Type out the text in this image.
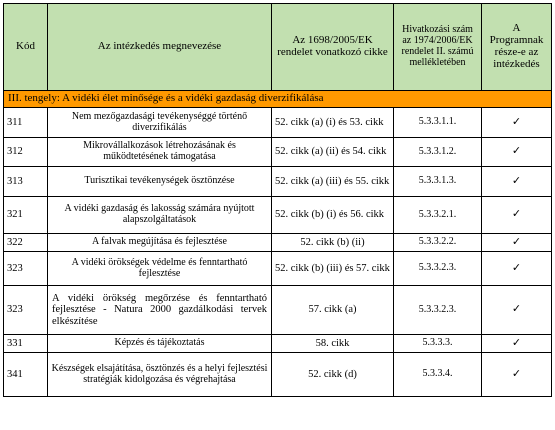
Kód	Az intézkedés megnevezése	Az 1698/2005/EK rendelet vonatkozó cikke	Hivatkozási szám az 1974/2006/EK rendelet II. számú mellékletében	A Programnak része-e az intézkedés
III. tengely: A vidéki élet minősége és a vidéki gazdaság diverzifikálása				
311	Nem mezőgazdasági tevékenységgé történő diverzifikálás	52. cikk (a) (i) és 53. cikk	5.3.3.1.1.	✓
312	Mikrovállalkozások létrehozásának és működtetésének támogatása	52. cikk (a) (ii) és 54. cikk	5.3.3.1.2.	✓
313	Turisztikai tevékenységek ösztönzése	52. cikk (a) (iii) és 55. cikk	5.3.3.1.3.	✓
321	A vidéki gazdaság és lakosság számára nyújtott alapszolgáltatások	52. cikk (b) (i) és 56. cikk	5.3.3.2.1.	✓
322	A falvak megújítása és fejlesztése	52. cikk (b) (ii)	5.3.3.2.2.	✓
323	A vidéki örökségek védelme és fenntartható fejlesztése	52. cikk (b) (iii) és 57. cikk	5.3.3.2.3.	✓
323	A vidéki örökség megőrzése és fenntartható fejlesztése - Natura 2000 gazdálkodási tervek elkészítése	57. cikk (a)	5.3.3.2.3.	✓
331	Képzés és tájékoztatás	58. cikk	5.3.3.3.	✓
341	Készségek elsajátítása, ösztönzés és a helyi fejlesztési stratégiák kidolgozása és végrehajtása	52. cikk (d)	5.3.3.4.	✓
